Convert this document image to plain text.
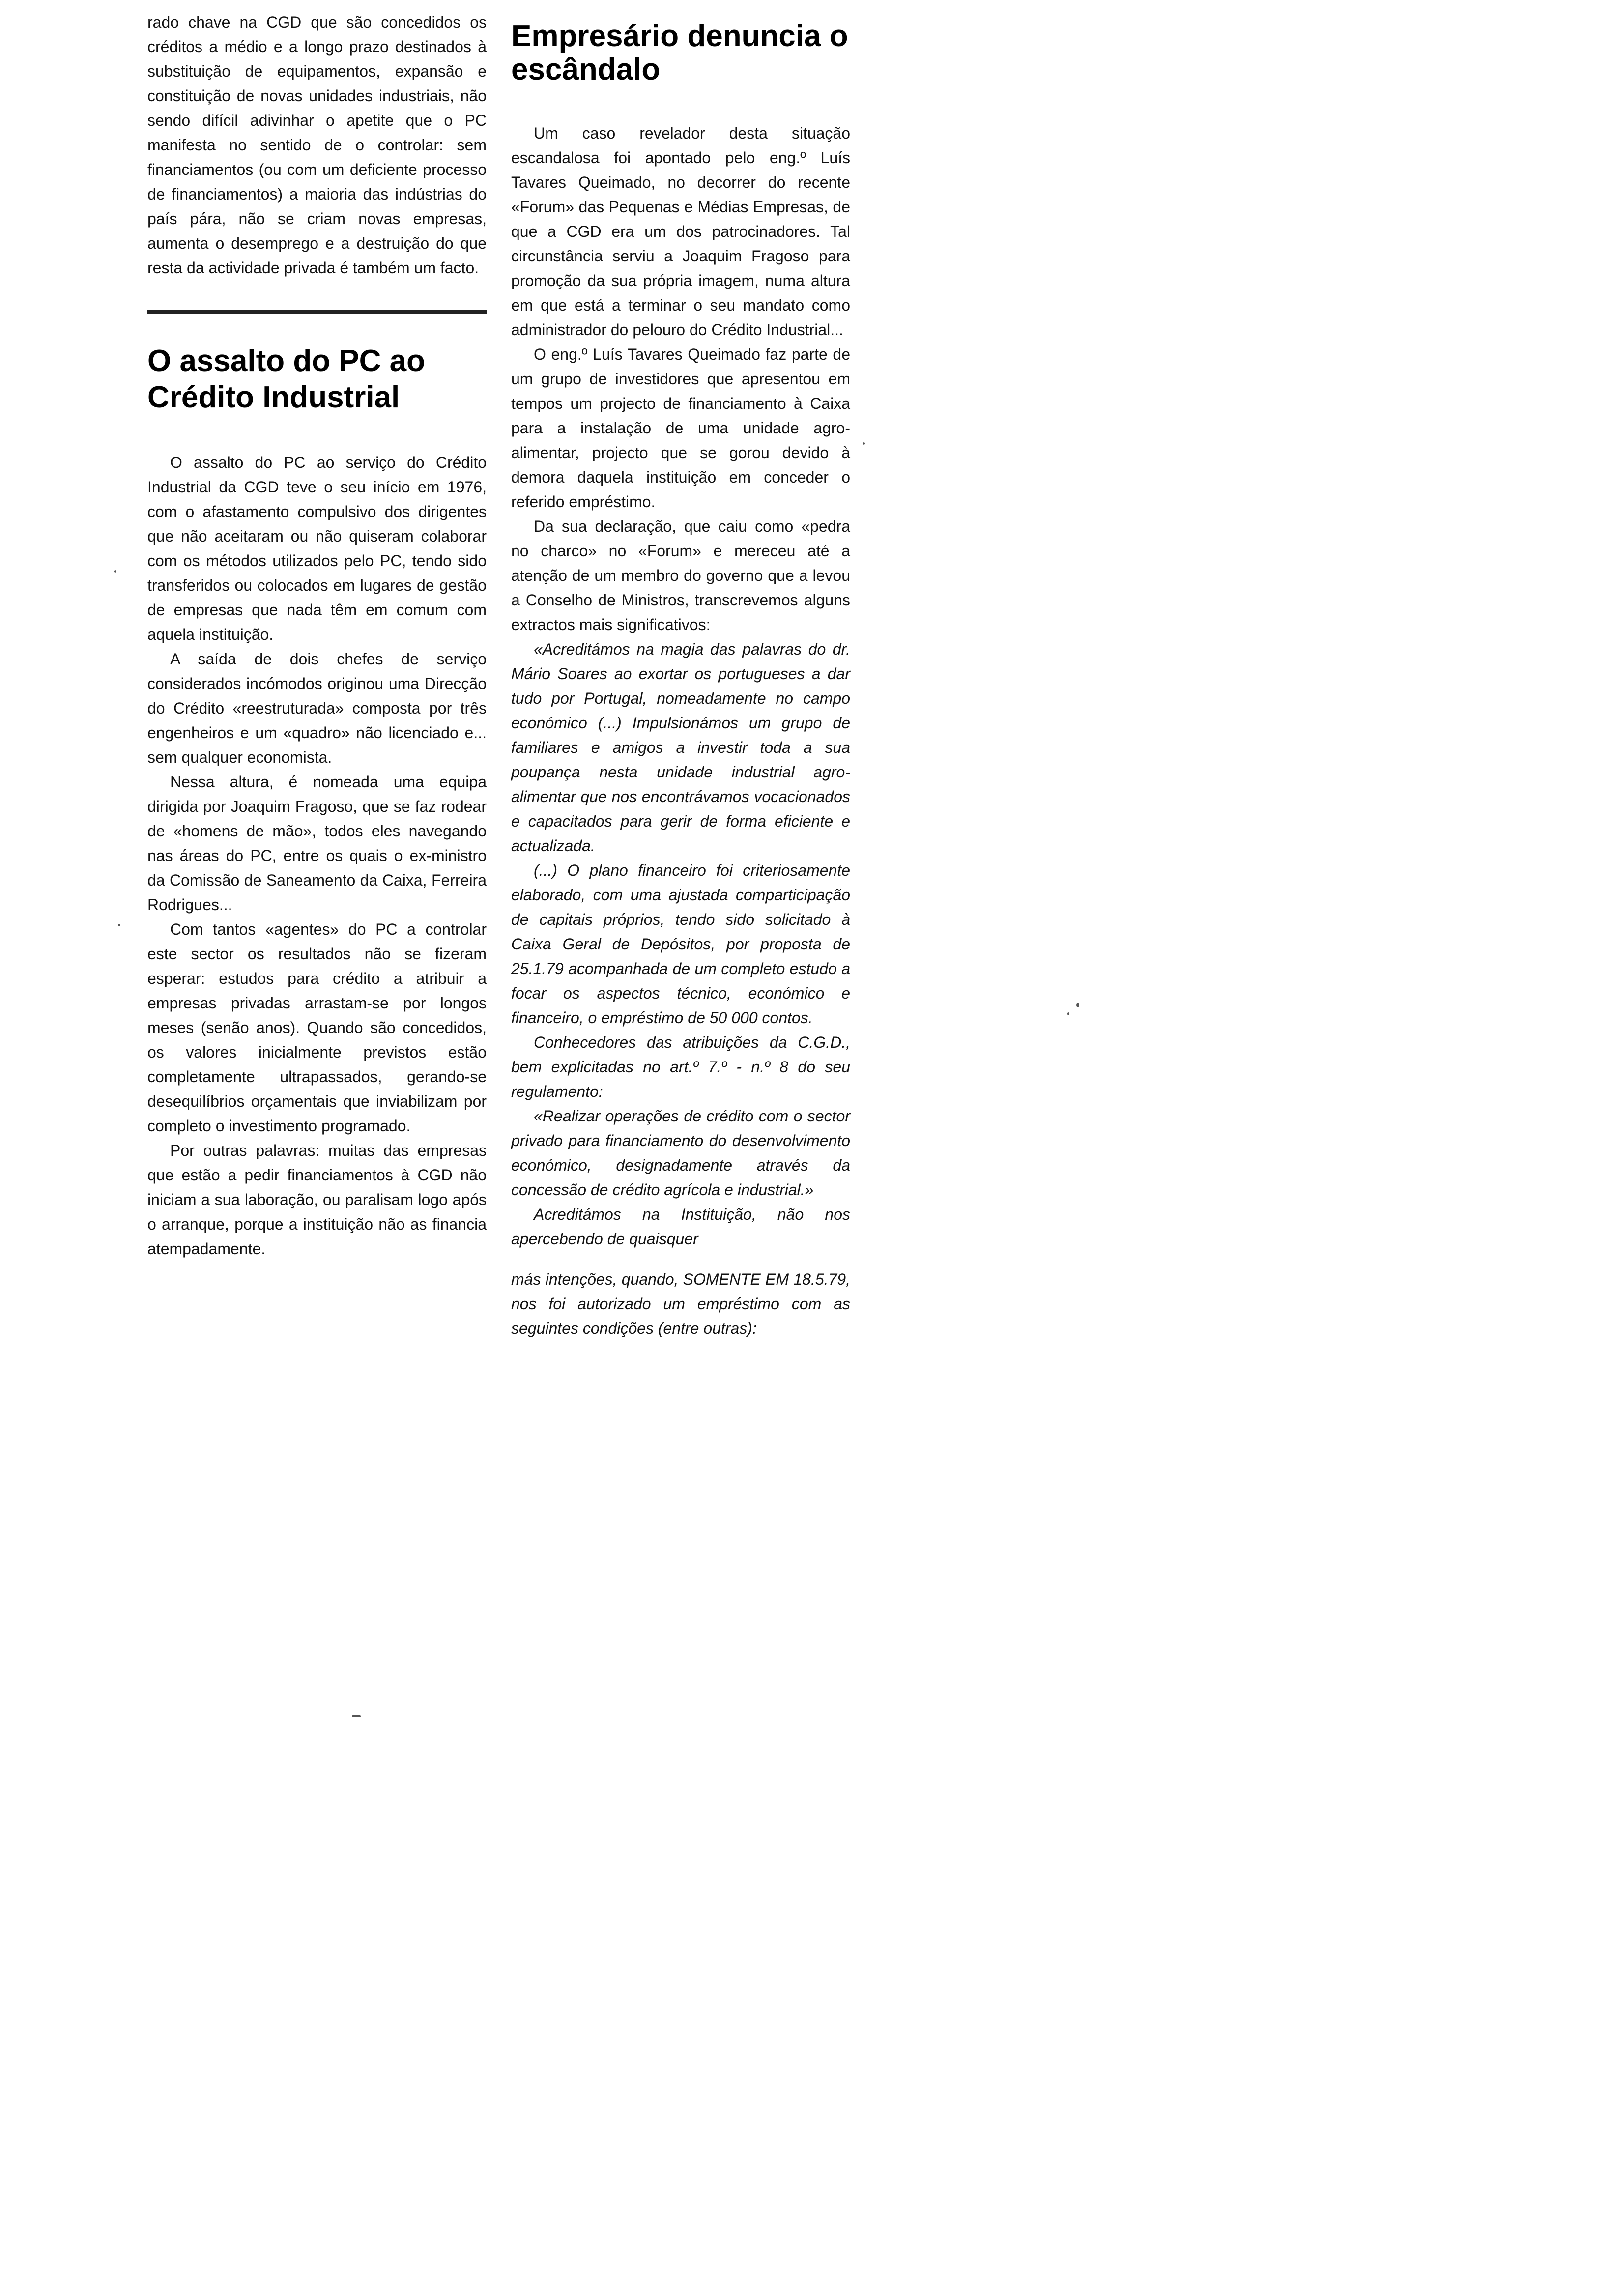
rado chave na CGD que são concedidos os créditos a médio e a longo prazo destinados à substituição de equipamentos, expansão e constituição de novas unidades industriais, não sendo difícil adivinhar o apetite que o PC manifesta no sentido de o controlar: sem financiamentos (ou com um deficiente processo de financiamentos) a maioria das indústrias do país pára, não se criam novas empresas, aumenta o desemprego e a destruição do que resta da actividade privada é também um facto.

O assalto do PC ao Crédito Industrial

O assalto do PC ao serviço do Crédito Industrial da CGD teve o seu início em 1976, com o afastamento compulsivo dos dirigentes que não aceitaram ou não quiseram colaborar com os métodos utilizados pelo PC, tendo sido transferidos ou colocados em lugares de gestão de empresas que nada têm em comum com aquela instituição.

A saída de dois chefes de serviço considerados incómodos originou uma Direcção do Crédito «reestruturada» composta por três engenheiros e um «quadro» não licenciado e... sem qualquer economista.

Nessa altura, é nomeada uma equipa dirigida por Joaquim Fragoso, que se faz rodear de «homens de mão», todos eles navegando nas áreas do PC, entre os quais o ex-ministro da Comissão de Saneamento da Caixa, Ferreira Rodrigues...

Com tantos «agentes» do PC a controlar este sector os resultados não se fizeram esperar: estudos para crédito a atribuir a empresas privadas arrastam-se por longos meses (senão anos). Quando são concedidos, os valores inicialmente previstos estão completamente ultrapassados, gerando-se desequilíbrios orçamentais que inviabilizam por completo o investimento programado.

Por outras palavras: muitas das empresas que estão a pedir financiamentos à CGD não iniciam a sua laboração, ou paralisam logo após o arranque, porque a instituição não as financia atempadamente.

Empresário denuncia o escândalo

Um caso revelador desta situação escandalosa foi apontado pelo eng.º Luís Tavares Queimado, no decorrer do recente «Forum» das Pequenas e Médias Empresas, de que a CGD era um dos patrocinadores. Tal circunstância serviu a Joaquim Fragoso para promoção da sua própria imagem, numa altura em que está a terminar o seu mandato como administrador do pelouro do Crédito Industrial...

O eng.º Luís Tavares Queimado faz parte de um grupo de investidores que apresentou em tempos um projecto de financiamento à Caixa para a instalação de uma unidade agro-alimentar, projecto que se gorou devido à demora daquela instituição em conceder o referido empréstimo.

Da sua declaração, que caiu como «pedra no charco» no «Forum» e mereceu até a atenção de um membro do governo que a levou a Conselho de Ministros, transcrevemos alguns extractos mais significativos:

«Acreditámos na magia das palavras do dr. Mário Soares ao exortar os portugueses a dar tudo por Portugal, nomeadamente no campo económico (...) Impulsionámos um grupo de familiares e amigos a investir toda a sua poupança nesta unidade industrial agro-alimentar que nos encontrávamos vocacionados e capacitados para gerir de forma eficiente e actualizada.

(...) O plano financeiro foi criteriosamente elaborado, com uma ajustada comparticipação de capitais próprios, tendo sido solicitado à Caixa Geral de Depósitos, por proposta de 25.1.79 acompanhada de um completo estudo a focar os aspectos técnico, económico e financeiro, o empréstimo de 50 000 contos.

Conhecedores das atribuições da C.G.D., bem explicitadas no art.º 7.º - n.º 8 do seu regulamento:

«Realizar operações de crédito com o sector privado para financiamento do desenvolvimento económico, designadamente através da concessão de crédito agrícola e industrial.»

Acreditámos na Instituição, não nos apercebendo de quaisquer

más intenções, quando, SOMENTE EM 18.5.79, nos foi autorizado um empréstimo com as seguintes condições (entre outras):
